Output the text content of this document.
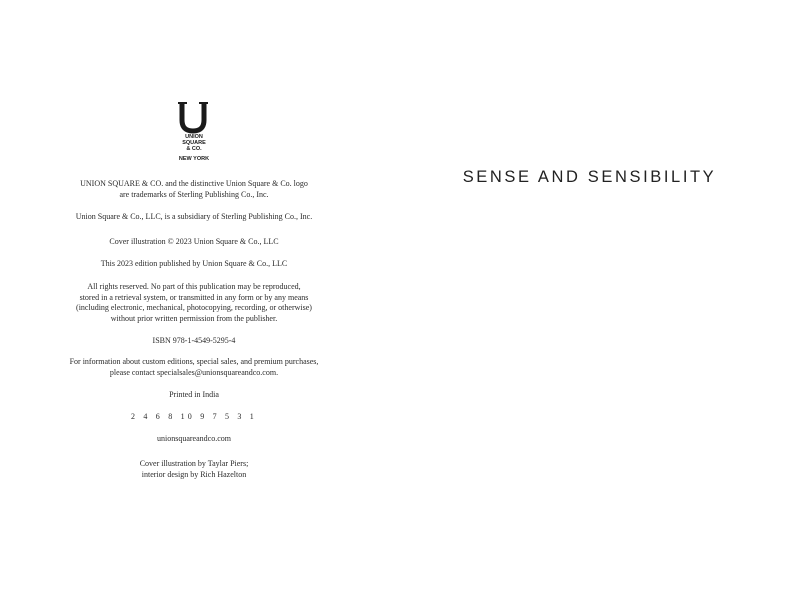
UNION
SQUARE
& CO.
NEW YORK
UNION SQUARE & CO. and the distinctive Union Square & Co. logo
are trademarks of Sterling Publishing Co., Inc.
Union Square & Co., LLC, is a subsidiary of Sterling Publishing Co., Inc.
Cover illustration © 2023 Union Square & Co., LLC
This 2023 edition published by Union Square & Co., LLC
All rights reserved. No part of this publication may be reproduced,
stored in a retrieval system, or transmitted in any form or by any means
(including electronic, mechanical, photocopying, recording, or otherwise)
without prior written permission from the publisher.
ISBN 978-1-4549-5295-4
For information about custom editions, special sales, and premium purchases,
please contact specialsales@unionsquareandco.com.
Printed in India
2 4 6 8 10 9 7 5 3 1
unionsquareandco.com
Cover illustration by Taylar Piers;
interior design by Rich Hazelton
SENSE AND SENSIBILITY
